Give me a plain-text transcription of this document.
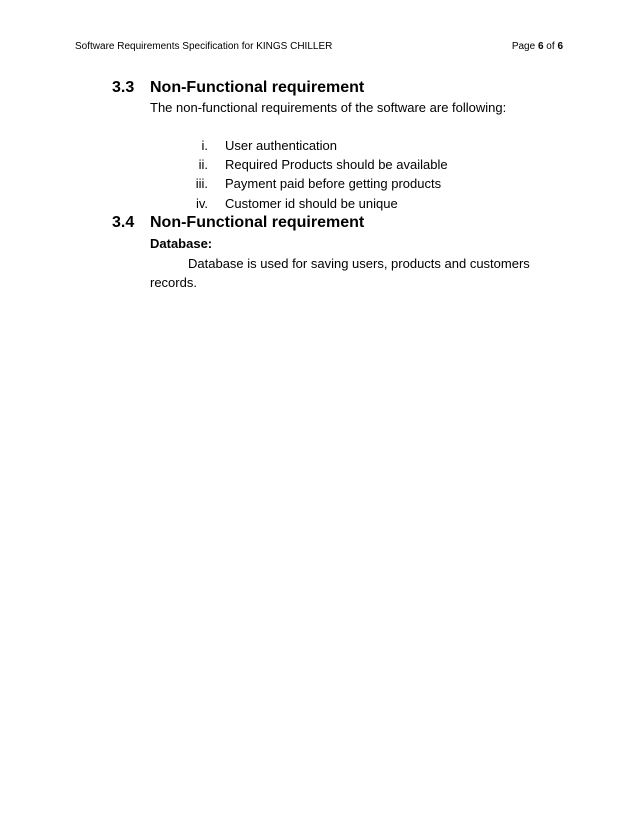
Software Requirements Specification for KINGS CHILLER	Page 6 of 6
3.3 Non-Functional requirement
The non-functional requirements of the software are following:
i. User authentication
ii. Required Products should be available
iii. Payment paid before getting products
iv. Customer id should be unique
3.4 Non-Functional requirement
Database:
Database is used for saving users, products and customers
records.
